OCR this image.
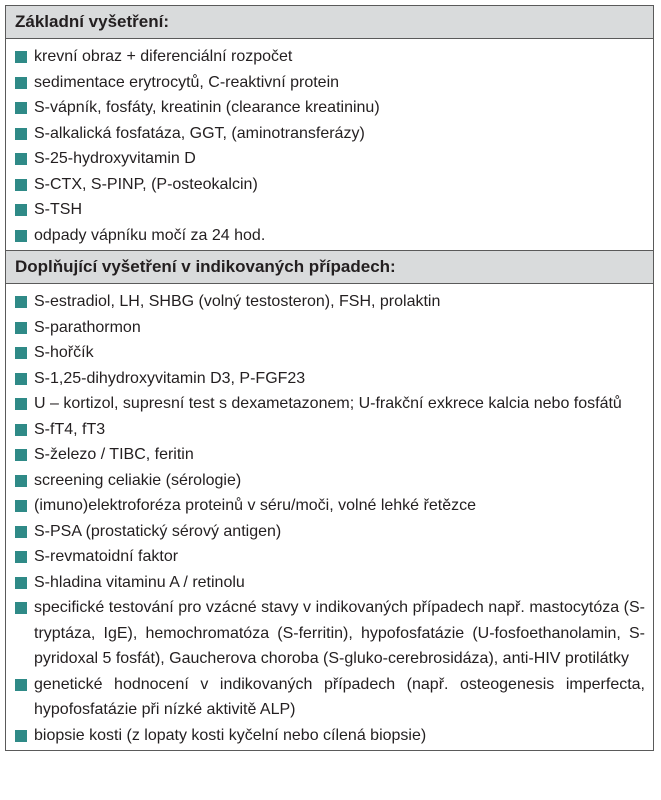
Základní vyšetření:
krevní obraz + diferenciální rozpočet
sedimentace erytrocytů, C-reaktivní protein
S-vápník, fosfáty, kreatinin (clearance kreatininu)
S-alkalická fosfatáza, GGT, (aminotransferázy)
S-25-hydroxyvitamin D
S-CTX, S-PINP, (P-osteokalcin)
S-TSH
odpady vápníku močí za 24 hod.
Doplňující vyšetření v indikovaných případech:
S-estradiol, LH, SHBG (volný testosteron), FSH, prolaktin
S-parathormon
S-hořčík
S-1,25-dihydroxyvitamin D3, P-FGF23
U – kortizol, supresní test s dexametazonem; U-frakční exkrece kalcia nebo fosfátů
S-fT4, fT3
S-železo / TIBC, feritin
screening celiakie (sérologie)
(imuno)elektroforéza proteinů v séru/moči, volné lehké řetězce
S-PSA (prostatický sérový antigen)
S-revmatoidní faktor
S-hladina vitaminu A / retinolu
specifické testování pro vzácné stavy v indikovaných případech např. mastocytóza (S-tryptáza, IgE), hemochromatóza (S-ferritin), hypofosfatázie (U-fosfoethanolamin, S-pyridoxal 5 fosfát), Gaucherova choroba (S-gluko-cerebrosidáza), anti-HIV protilátky
genetické hodnocení v indikovaných případech (např. osteogenesis imperfecta, hypofosfatázie při nízké aktivitě ALP)
biopsie kosti (z lopaty kosti kyčelní nebo cílená biopsie)
